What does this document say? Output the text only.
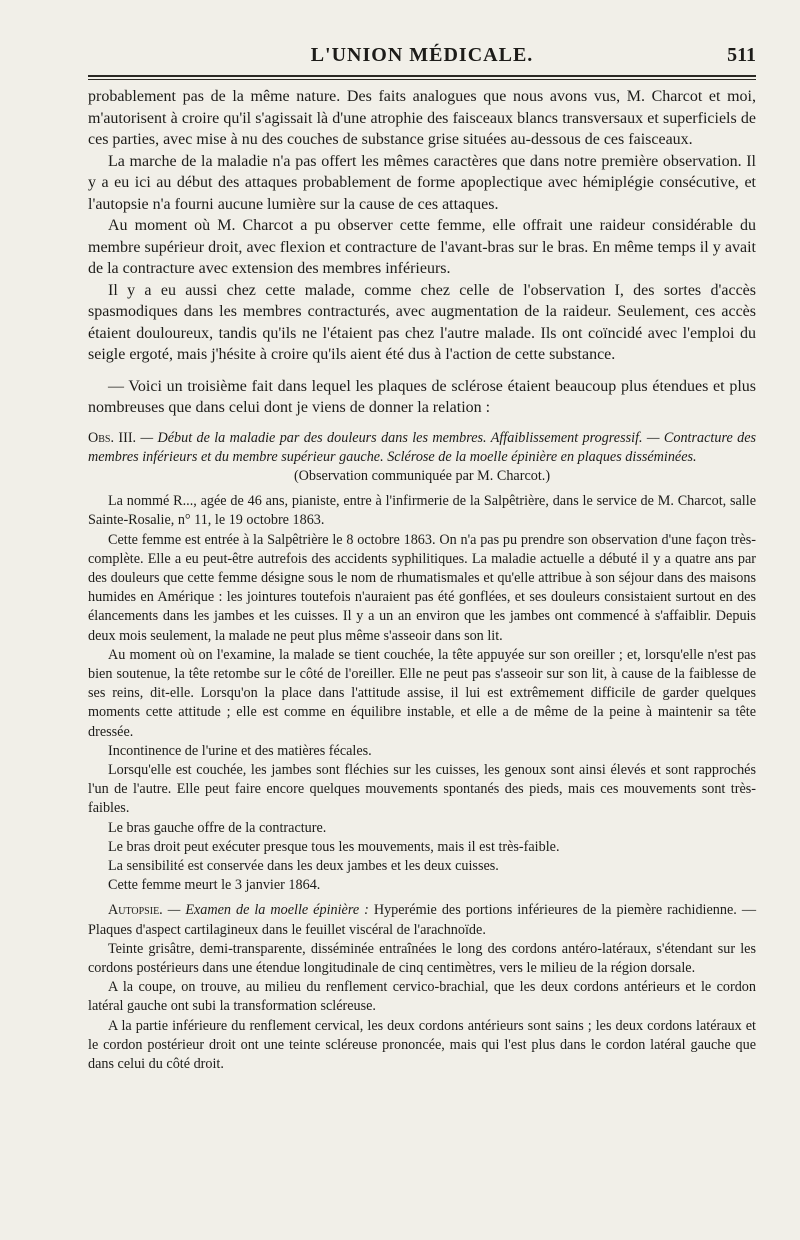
L'UNION MÉDICALE.	511

probablement pas de la même nature. Des faits analogues que nous avons vus, M. Charcot et moi, m'autorisent à croire qu'il s'agissait là d'une atrophie des faisceaux blancs transversaux et superficiels de ces parties, avec mise à nu des couches de substance grise situées au-dessous de ces faisceaux.

La marche de la maladie n'a pas offert les mêmes caractères que dans notre première observation. Il y a eu ici au début des attaques probablement de forme apoplectique avec hémiplégie consécutive, et l'autopsie n'a fourni aucune lumière sur la cause de ces attaques.

Au moment où M. Charcot a pu observer cette femme, elle offrait une raideur considérable du membre supérieur droit, avec flexion et contracture de l'avant-bras sur le bras. En même temps il y avait de la contracture avec extension des membres inférieurs.

Il y a eu aussi chez cette malade, comme chez celle de l'observation I, des sortes d'accès spasmodiques dans les membres contracturés, avec augmentation de la raideur. Seulement, ces accès étaient douloureux, tandis qu'ils ne l'étaient pas chez l'autre malade. Ils ont coïncidé avec l'emploi du seigle ergoté, mais j'hésite à croire qu'ils aient été dus à l'action de cette substance.

— Voici un troisième fait dans lequel les plaques de sclérose étaient beaucoup plus étendues et plus nombreuses que dans celui dont je viens de donner la relation :

Obs. III. — Début de la maladie par des douleurs dans les membres. Affaiblissement progressif. — Contracture des membres inférieurs et du membre supérieur gauche. Sclérose de la moelle épinière en plaques disséminées.

(Observation communiquée par M. Charcot.)

La nommé R..., agée de 46 ans, pianiste, entre à l'infirmerie de la Salpêtrière, dans le service de M. Charcot, salle Sainte-Rosalie, n° 11, le 19 octobre 1863.

Cette femme est entrée à la Salpêtrière le 8 octobre 1863. On n'a pas pu prendre son observation d'une façon très-complète. Elle a eu peut-être autrefois des accidents syphilitiques. La maladie actuelle a débuté il y a quatre ans par des douleurs que cette femme désigne sous le nom de rhumatismales et qu'elle attribue à son séjour dans des maisons humides en Amérique : les jointures toutefois n'auraient pas été gonflées, et ses douleurs consistaient surtout en des élancements dans les jambes et les cuisses. Il y a un an environ que les jambes ont commencé à s'affaiblir. Depuis deux mois seulement, la malade ne peut plus même s'asseoir dans son lit.

Au moment où on l'examine, la malade se tient couchée, la tête appuyée sur son oreiller ; et, lorsqu'elle n'est pas bien soutenue, la tête retombe sur le côté de l'oreiller. Elle ne peut pas s'asseoir sur son lit, à cause de la faiblesse de ses reins, dit-elle. Lorsqu'on la place dans l'attitude assise, il lui est extrêmement difficile de garder quelques moments cette attitude ; elle est comme en équilibre instable, et elle a de même de la peine à maintenir sa tête dressée.

Incontinence de l'urine et des matières fécales.

Lorsqu'elle est couchée, les jambes sont fléchies sur les cuisses, les genoux sont ainsi élevés et sont rapprochés l'un de l'autre. Elle peut faire encore quelques mouvements spontanés des pieds, mais ces mouvements sont très-faibles.

Le bras gauche offre de la contracture.

Le bras droit peut exécuter presque tous les mouvements, mais il est très-faible.

La sensibilité est conservée dans les deux jambes et les deux cuisses.

Cette femme meurt le 3 janvier 1864.

Autopsie. — Examen de la moelle épinière : Hyperémie des portions inférieures de la piemère rachidienne. — Plaques d'aspect cartilagineux dans le feuillet viscéral de l'arachnoïde.

Teinte grisâtre, demi-transparente, disséminée entraînées le long des cordons antéro-latéraux, s'étendant sur les cordons postérieurs dans une étendue longitudinale de cinq centimètres, vers le milieu de la région dorsale.

A la coupe, on trouve, au milieu du renflement cervico-brachial, que les deux cordons antérieurs et le cordon latéral gauche ont subi la transformation scléreuse.

A la partie inférieure du renflement cervical, les deux cordons antérieurs sont sains ; les deux cordons latéraux et le cordon postérieur droit ont une teinte scléreuse prononcée, mais qui l'est plus dans le cordon latéral gauche que dans celui du côté droit.
